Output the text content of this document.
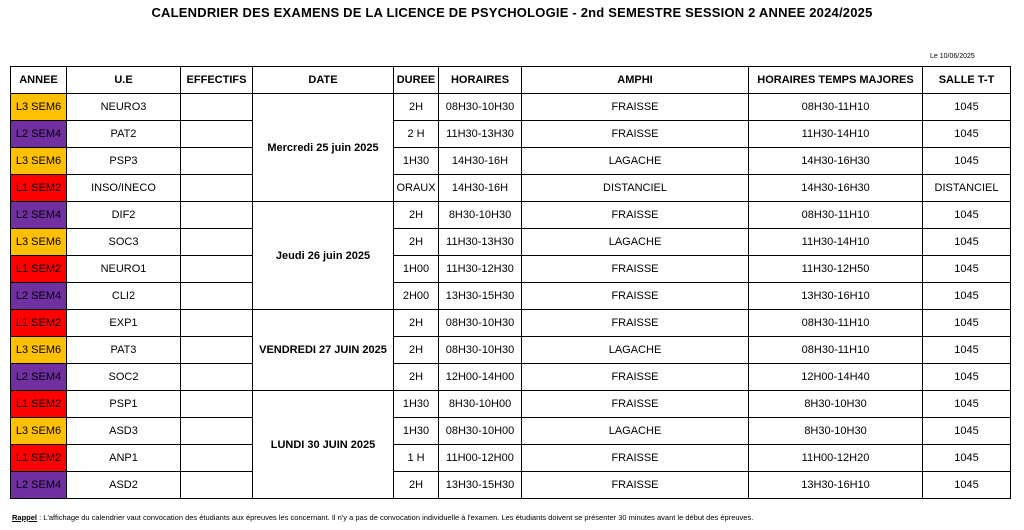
CALENDRIER DES EXAMENS DE LA LICENCE DE PSYCHOLOGIE - 2nd SEMESTRE SESSION 2 ANNEE 2024/2025
Le 10/06/2025
ANNEE	U.E	EFFECTIFS	DATE	DUREE	HORAIRES	AMPHI	HORAIRES TEMPS MAJORES	SALLE T-T
L3 SEM6	NEURO3		Mercredi 25 juin 2025	2H	08H30-10H30	FRAISSE	08H30-11H10	1045
L2 SEM4	PAT2			2 H	11H30-13H30	FRAISSE	11H30-14H10	1045
L3 SEM6	PSP3			1H30	14H30-16H	LAGACHE	14H30-16H30	1045
L1 SEM2	INSO/INECO			ORAUX	14H30-16H	DISTANCIEL	14H30-16H30	DISTANCIEL
L2 SEM4	DIF2		Jeudi 26 juin 2025	2H	8H30-10H30	FRAISSE	08H30-11H10	1045
L3 SEM6	SOC3			2H	11H30-13H30	LAGACHE	11H30-14H10	1045
L1 SEM2	NEURO1			1H00	11H30-12H30	FRAISSE	11H30-12H50	1045
L2 SEM4	CLI2			2H00	13H30-15H30	FRAISSE	13H30-16H10	1045
L1 SEM2	EXP1		VENDREDI 27 JUIN 2025	2H	08H30-10H30	FRAISSE	08H30-11H10	1045
L3 SEM6	PAT3			2H	08H30-10H30	LAGACHE	08H30-11H10	1045
L2 SEM4	SOC2			2H	12H00-14H00	FRAISSE	12H00-14H40	1045
L1 SEM2	PSP1		LUNDI 30 JUIN 2025	1H30	8H30-10H00	FRAISSE	8H30-10H30	1045
L3 SEM6	ASD3			1H30	08H30-10H00	LAGACHE	8H30-10H30	1045
L1 SEM2	ANP1			1 H	11H00-12H00	FRAISSE	11H00-12H20	1045
L2 SEM4	ASD2			2H	13H30-15H30	FRAISSE	13H30-16H10	1045
Rappel : L'affichage du calendrier vaut convocation des étudiants aux épreuves les concernant. Il n'y a pas de convocation individuelle à l'examen. Les étudiants doivent se présenter 30 minutes avant le début des épreuves.
